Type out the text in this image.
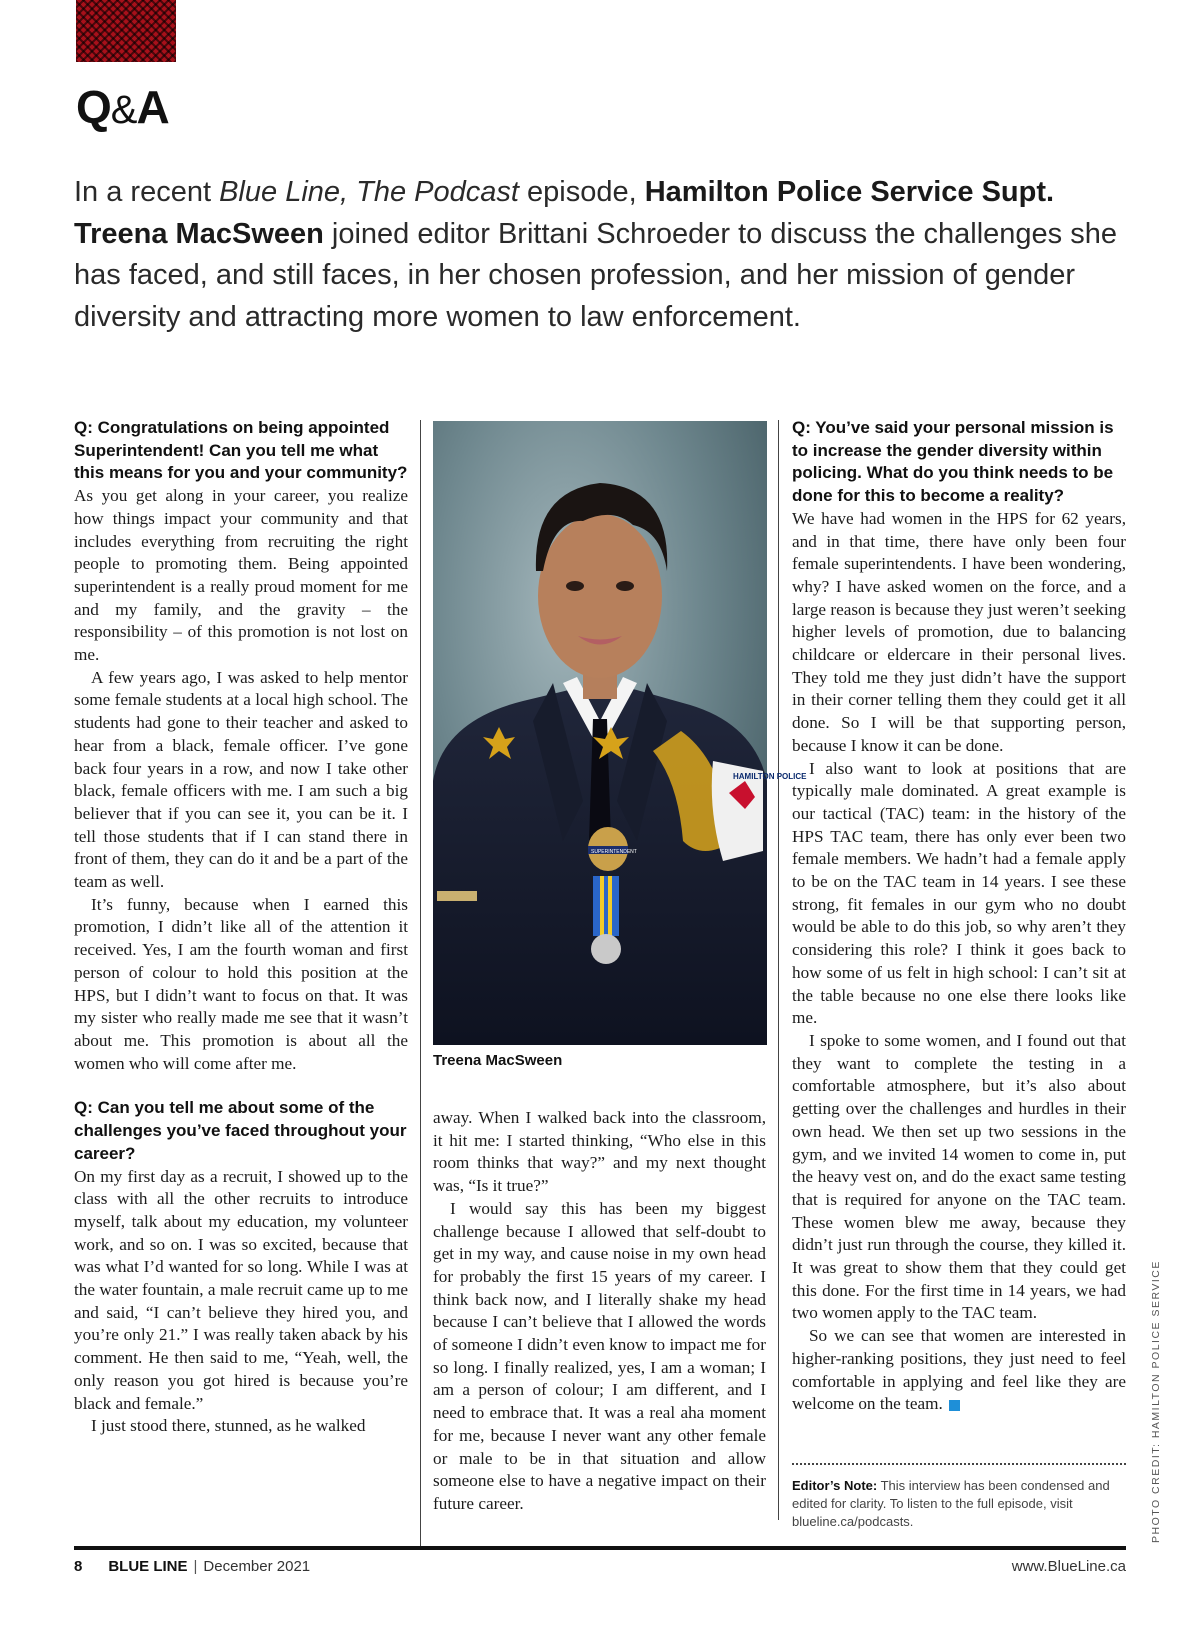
Q&A
In a recent Blue Line, The Podcast episode, Hamilton Police Service Supt. Treena MacSween joined editor Brittani Schroeder to discuss the challenges she has faced, and still faces, in her chosen profession, and her mission of gender diversity and attracting more women to law enforcement.
Q: Congratulations on being appointed Superintendent! Can you tell me what this means for you and your community?

As you get along in your career, you realize how things impact your community and that includes everything from recruiting the right people to promoting them. Being appointed superintendent is a really proud moment for me and my family, and the gravity – the responsibility – of this promotion is not lost on me.

A few years ago, I was asked to help mentor some female students at a local high school. The students had gone to their teacher and asked to hear from a black, female officer. I’ve gone back four years in a row, and now I take other black, female officers with me. I am such a big believer that if you can see it, you can be it. I tell those students that if I can stand there in front of them, they can do it and be a part of the team as well.

It’s funny, because when I earned this promotion, I didn’t like all of the attention it received. Yes, I am the fourth woman and first person of colour to hold this position at the HPS, but I didn’t want to focus on that. It was my sister who really made me see that it wasn’t about me. This promotion is about all the women who will come after me.

Q: Can you tell me about some of the challenges you’ve faced throughout your career?

On my first day as a recruit, I showed up to the class with all the other recruits to introduce myself, talk about my education, my volunteer work, and so on. I was so excited, because that was what I’d wanted for so long. While I was at the water fountain, a male recruit came up to me and said, “I can’t believe they hired you, and you’re only 21.” I was really taken aback by his comment. He then said to me, “Yeah, well, the only reason you got hired is because you’re black and female.”

I just stood there, stunned, as he walked

HAMILTON POLICE
SUPERINTENDENT
Treena MacSween

away. When I walked back into the classroom, it hit me: I started thinking, “Who else in this room thinks that way?” and my next thought was, “Is it true?”

I would say this has been my biggest challenge because I allowed that self-doubt to get in my way, and cause noise in my own head for probably the first 15 years of my career. I think back now, and I literally shake my head because I can’t believe that I allowed the words of someone I didn’t even know to impact me for so long. I finally realized, yes, I am a woman; I am a person of colour; I am different, and I need to embrace that. It was a real aha moment for me, because I never want any other female or male to be in that situation and allow someone else to have a negative impact on their future career.

Q: You’ve said your personal mission is to increase the gender diversity within policing. What do you think needs to be done for this to become a reality?

We have had women in the HPS for 62 years, and in that time, there have only been four female superintendents. I have been wondering, why? I have asked women on the force, and a large reason is because they just weren’t seeking higher levels of promotion, due to balancing childcare or eldercare in their personal lives. They told me they just didn’t have the support in their corner telling them they could get it all done. So I will be that supporting person, because I know it can be done.

I also want to look at positions that are typically male dominated. A great example is our tactical (TAC) team: in the history of the HPS TAC team, there has only ever been two female members. We hadn’t had a female apply to be on the TAC team in 14 years. I see these strong, fit females in our gym who no doubt would be able to do this job, so why aren’t they considering this role? I think it goes back to how some of us felt in high school: I can’t sit at the table because no one else there looks like me.

I spoke to some women, and I found out that they want to complete the testing in a comfortable atmosphere, but it’s also about getting over the challenges and hurdles in their own head. We then set up two sessions in the gym, and we invited 14 women to come in, put the heavy vest on, and do the exact same testing that is required for anyone on the TAC team. These women blew me away, because they didn’t just run through the course, they killed it. It was great to show them that they could get this done. For the first time in 14 years, we had two women apply to the TAC team.

So we can see that women are interested in higher-ranking positions, they just need to feel comfortable in applying and feel like they are welcome on the team.

Editor’s Note: This interview has been condensed and edited for clarity. To listen to the full episode, visit blueline.ca/podcasts.	PHOTO CREDIT: HAMILTON POLICE SERVICE
8 BLUE LINE | December 2021	www.BlueLine.ca
